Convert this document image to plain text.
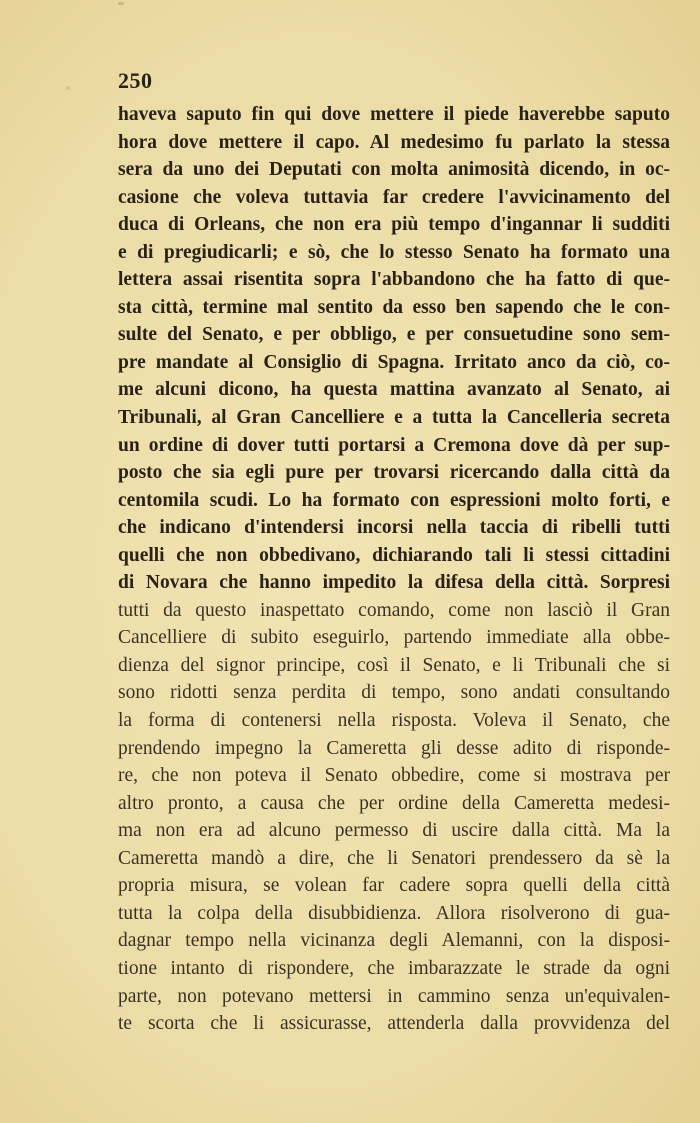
250
haveva saputo fin qui dove mettere il piede haverebbe saputo
hora dove mettere il capo. Al medesimo fu parlato la stessa
sera da uno dei Deputati con molta animosità dicendo, in oc-
casione che voleva tuttavia far credere l'avvicinamento del
duca di Orleans, che non era più tempo d'ingannar li sudditi
e di pregiudicarli; e sò, che lo stesso Senato ha formato una
lettera assai risentita sopra l'abbandono che ha fatto di que-
sta città, termine mal sentito da esso ben sapendo che le con-
sulte del Senato, e per obbligo, e per consuetudine sono sem-
pre mandate al Consiglio di Spagna. Irritato anco da ciò, co-
me alcuni dicono, ha questa mattina avanzato al Senato, ai
Tribunali, al Gran Cancelliere e a tutta la Cancelleria secreta
un ordine di dover tutti portarsi a Cremona dove dà per sup-
posto che sia egli pure per trovarsi ricercando dalla città da
centomila scudi. Lo ha formato con espressioni molto forti, e
che indicano d'intendersi incorsi nella taccia di ribelli tutti
quelli che non obbedivano, dichiarando tali li stessi cittadini
di Novara che hanno impedito la difesa della città. Sorpresi
tutti da questo inaspettato comando, come non lasciò il Gran
Cancelliere di subito eseguirlo, partendo immediate alla obbe-
dienza del signor principe, così il Senato, e li Tribunali che si
sono ridotti senza perdita di tempo, sono andati consultando
la forma di contenersi nella risposta. Voleva il Senato, che
prendendo impegno la Cameretta gli desse adito di risponde-
re, che non poteva il Senato obbedire, come si mostrava per
altro pronto, a causa che per ordine della Cameretta medesi-
ma non era ad alcuno permesso di uscire dalla città. Ma la
Cameretta mandò a dire, che li Senatori prendessero da sè la
propria misura, se volean far cadere sopra quelli della città
tutta la colpa della disubbidienza. Allora risolverono di gua-
dagnar tempo nella vicinanza degli Alemanni, con la disposi-
tione intanto di rispondere, che imbarazzate le strade da ogni
parte, non potevano mettersi in cammino senza un'equivalen-
te scorta che li assicurasse, attenderla dalla provvidenza del
